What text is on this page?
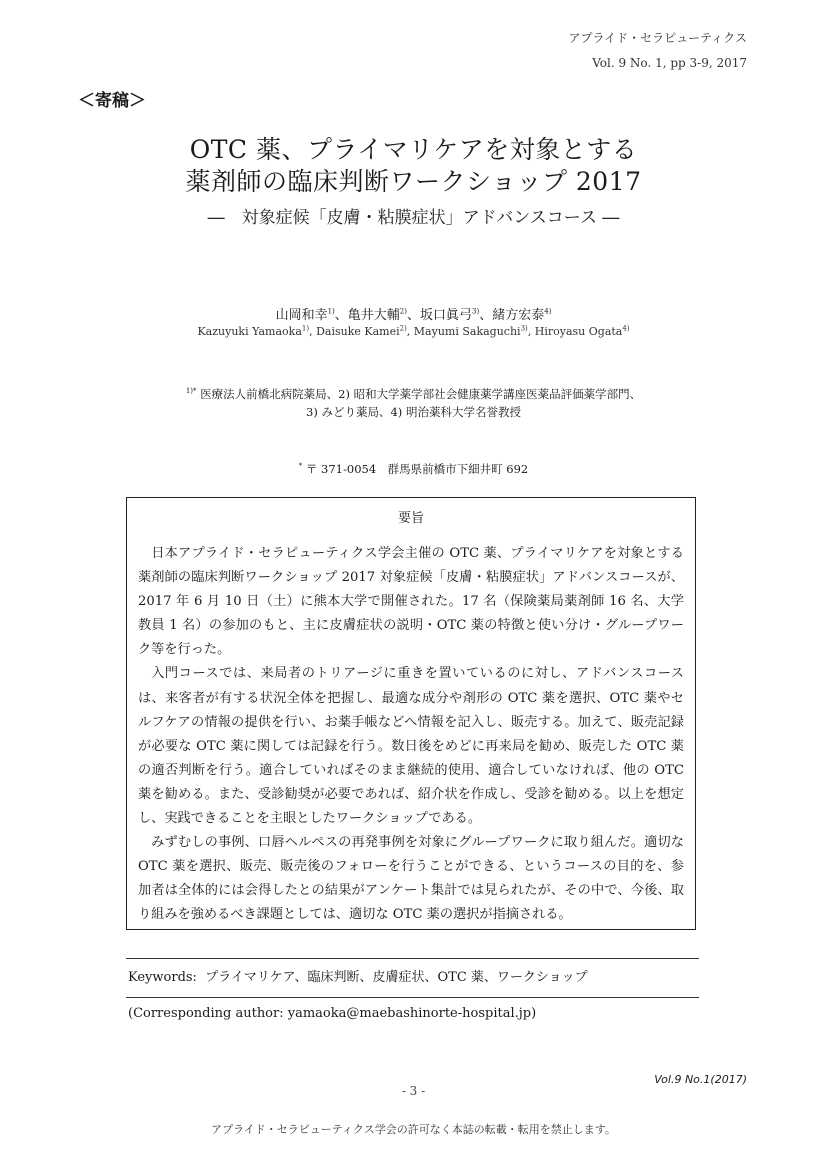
アプライド・セラピューティクス
Vol. 9 No. 1, pp 3-9, 2017
＜寄稿＞
OTC 薬、プライマリケアを対象とする
薬剤師の臨床判断ワークショップ 2017
―　対象症候「皮膚・粘膜症状」アドバンスコース ―
山岡和幸$^{1)}$、亀井大輔$^{2)}$、坂口眞弓$^{3)}$、緒方宏泰$^{4)}$
Kazuyuki Yamaoka$^{1)}$, Daisuke Kamei$^{2)}$, Mayumi Sakaguchi$^{3)}$, Hiroyasu Ogata$^{4)}$
$^{1)*}$ 医療法人前橋北病院薬局、2) 昭和大学薬学部社会健康薬学講座医薬品評価薬学部門、
3) みどり薬局、4) 明治薬科大学名誉教授
* 〒 371-0054　群馬県前橋市下細井町 692
要旨

日本アプライド・セラピューティクス学会主催の OTC 薬、プライマリケアを対象とする薬剤師の臨床判断ワークショップ 2017 対象症候「皮膚・粘膜症状」アドバンスコースが、2017 年 6 月 10 日（土）に熊本大学で開催された。17 名（保険薬局薬剤師 16 名、大学教員 1 名）の参加のもと、主に皮膚症状の説明・OTC 薬の特徴と使い分け・グループワーク等を行った。

入門コースでは、来局者のトリアージに重きを置いているのに対し、アドバンスコースは、来客者が有する状況全体を把握し、最適な成分や剤形の OTC 薬を選択、OTC 薬やセルフケアの情報の提供を行い、お薬手帳などへ情報を記入し、販売する。加えて、販売記録が必要な OTC 薬に関しては記録を行う。数日後をめどに再来局を勧め、販売した OTC 薬の適否判断を行う。適合していればそのまま継続的使用、適合していなければ、他の OTC 薬を勧める。また、受診勧奨が必要であれば、紹介状を作成し、受診を勧める。以上を想定し、実践できることを主眼としたワークショップである。

みずむしの事例、口唇ヘルペスの再発事例を対象にグループワークに取り組んだ。適切な OTC 薬を選択、販売、販売後のフォローを行うことができる、というコースの目的を、参加者は全体的には会得したとの結果がアンケート集計では見られたが、その中で、今後、取り組みを強めるべき課題としては、適切な OTC 薬の選択が指摘される。

Keywords: プライマリケア、臨床判断、皮膚症状、OTC 薬、ワークショップ
(Corresponding author: yamaoka@maebashinorte-hospital.jp)
Vol.9 No.1(2017)
- 3 -
アプライド・セラピューティクス学会の許可なく本誌の転載・転用を禁止します。
